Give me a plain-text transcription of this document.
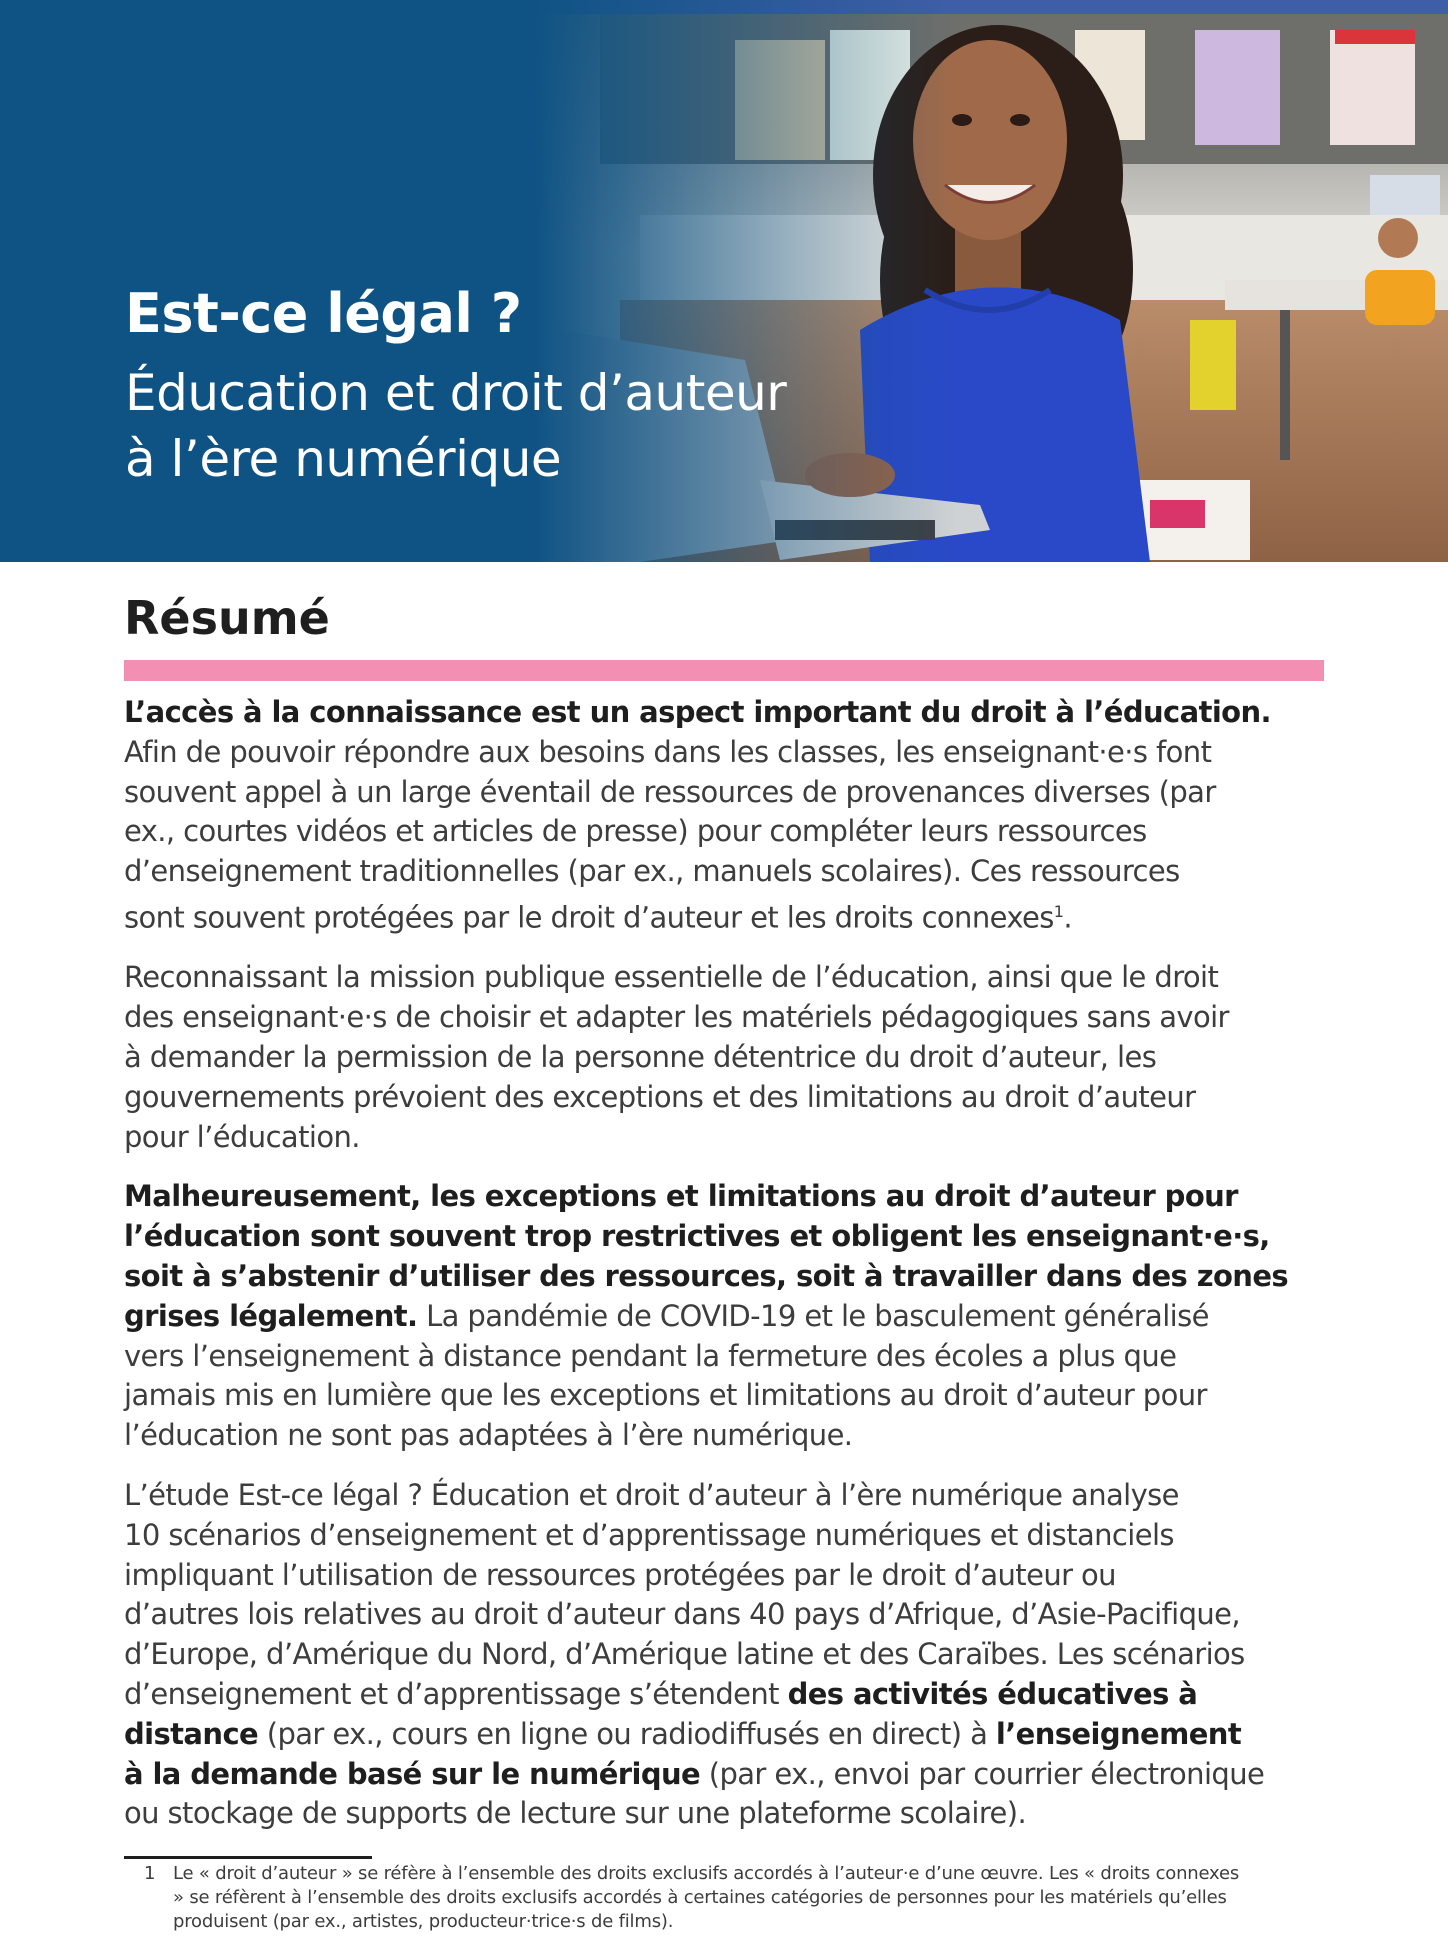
Est-ce légal ?
Éducation et droit d’auteur
à l’ère numérique
Résumé

L’accès à la connaissance est un aspect important du droit à l’éducation.
Afin de pouvoir répondre aux besoins dans les classes, les enseignant·e·s font
souvent appel à un large éventail de ressources de provenances diverses (par
ex., courtes vidéos et articles de presse) pour compléter leurs ressources
d’enseignement traditionnelles (par ex., manuels scolaires). Ces ressources
sont souvent protégées par le droit d’auteur et les droits connexes$^1$.

Reconnaissant la mission publique essentielle de l’éducation, ainsi que le droit
des enseignant·e·s de choisir et adapter les matériels pédagogiques sans avoir
à demander la permission de la personne détentrice du droit d’auteur, les
gouvernements prévoient des exceptions et des limitations au droit d’auteur
pour l’éducation.

Malheureusement, les exceptions et limitations au droit d’auteur pour
l’éducation sont souvent trop restrictives et obligent les enseignant·e·s,
soit à s’abstenir d’utiliser des ressources, soit à travailler dans des zones
grises légalement. La pandémie de COVID-19 et le basculement généralisé
vers l’enseignement à distance pendant la fermeture des écoles a plus que
jamais mis en lumière que les exceptions et limitations au droit d’auteur pour
l’éducation ne sont pas adaptées à l’ère numérique.

L’étude Est-ce légal ? Éducation et droit d’auteur à l’ère numérique analyse
10 scénarios d’enseignement et d’apprentissage numériques et distanciels
impliquant l’utilisation de ressources protégées par le droit d’auteur ou
d’autres lois relatives au droit d’auteur dans 40 pays d’Afrique, d’Asie-Pacifique,
d’Europe, d’Amérique du Nord, d’Amérique latine et des Caraïbes. Les scénarios
d’enseignement et d’apprentissage s’étendent des activités éducatives à
distance (par ex., cours en ligne ou radiodiffusés en direct) à l’enseignement
à la demande basé sur le numérique (par ex., envoi par courrier électronique
ou stockage de supports de lecture sur une plateforme scolaire).

1 Le « droit d’auteur » se réfère à l’ensemble des droits exclusifs accordés à l’auteur·e d’une œuvre. Les « droits connexes
» se réfèrent à l’ensemble des droits exclusifs accordés à certaines catégories de personnes pour les matériels qu’elles
produisent (par ex., artistes, producteur·trice·s de films).
